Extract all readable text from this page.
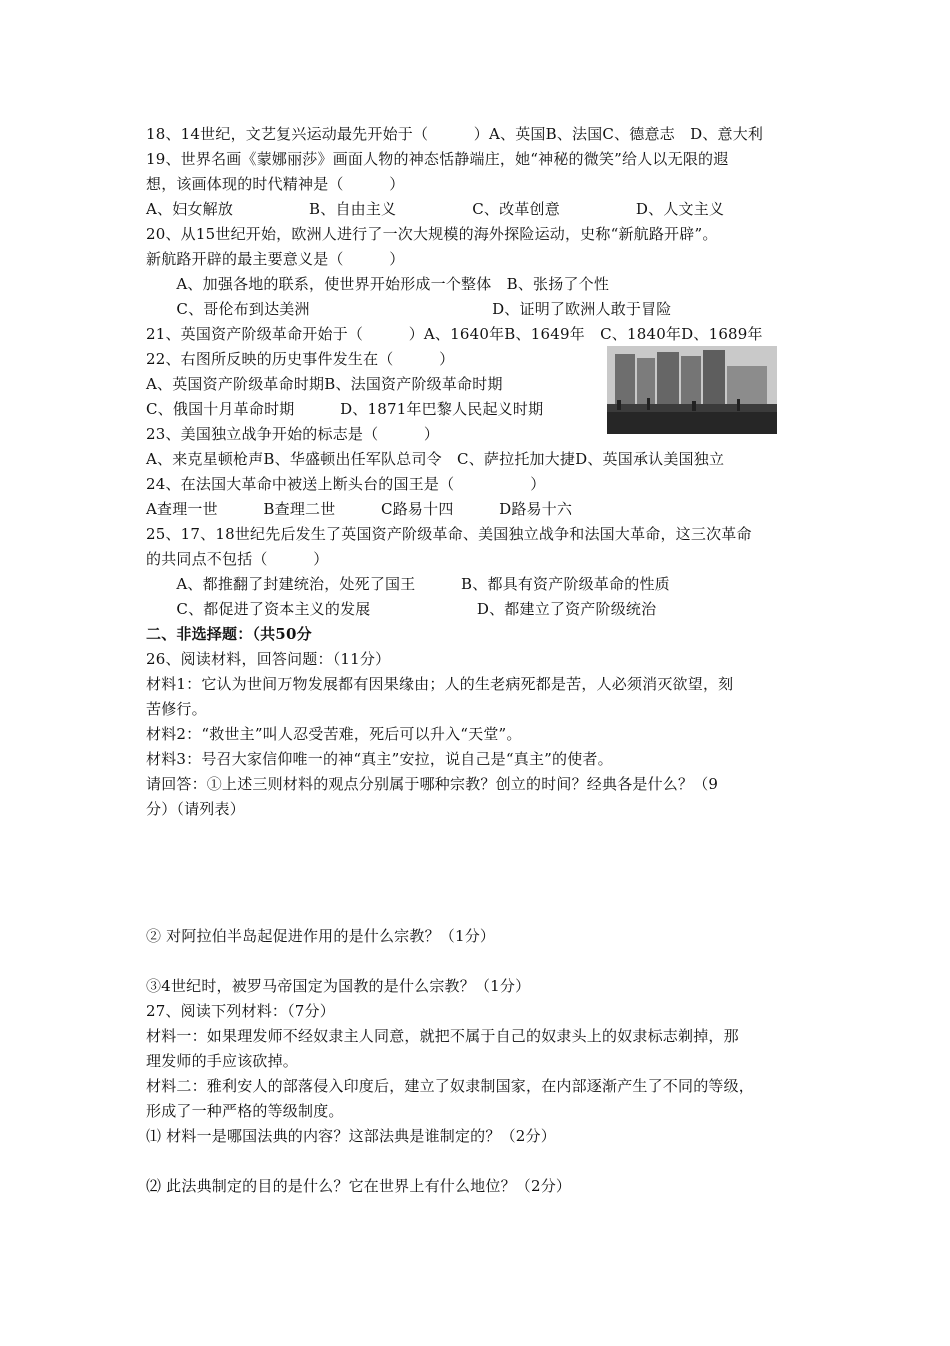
18、14世纪，文艺复兴运动最先开始于（　　　）A、英国B、法国C、德意志　D、意大利
19、世界名画《蒙娜丽莎》画面人物的神态恬静端庄，她“神秘的微笑”给人以无限的遐
想，该画体现的时代精神是（　　　）
A、妇女解放　　　　　B、自由主义　　　　　C、改革创意　　　　　D、人文主义
20、从15世纪开始，欧洲人进行了一次大规模的海外探险运动，史称“新航路开辟”。
新航路开辟的最主要意义是（　　　）
　　A、加强各地的联系，使世界开始形成一个整体　B、张扬了个性
　　C、哥伦布到达美洲　　　　　　　　　　　　D、证明了欧洲人敢于冒险
21、英国资产阶级革命开始于（　　　）A、1640年B、1649年　C、1840年D、1689年
22、右图所反映的历史事件发生在（　　　）
A、英国资产阶级革命时期B、法国资产阶级革命时期
C、俄国十月革命时期　　　D、1871年巴黎人民起义时期
23、美国独立战争开始的标志是（　　　）
A、来克星顿枪声B、华盛顿出任军队总司令　C、萨拉托加大捷D、英国承认美国独立
24、在法国大革命中被送上断头台的国王是（　　　　　）
A查理一世　　　B查理二世　　　C路易十四　　　D路易十六
25、17、18世纪先后发生了英国资产阶级革命、美国独立战争和法国大革命，这三次革命
的共同点不包括（　　　）
　　A、都推翻了封建统治，处死了国王　　　B、都具有资产阶级革命的性质
　　C、都促进了资本主义的发展　　　　　　　D、都建立了资产阶级统治
二、非选择题：（共50分
26、阅读材料，回答问题：（11分）
材料1：它认为世间万物发展都有因果缘由；人的生老病死都是苦，人必须消灭欲望，刻
苦修行。
材料2：“救世主”叫人忍受苦难，死后可以升入“天堂”。
材料3：号召大家信仰唯一的神“真主”安拉，说自己是“真主”的使者。
请回答：①上述三则材料的观点分别属于哪种宗教？创立的时间？经典各是什么？（9
分）（请列表）
② 对阿拉伯半岛起促进作用的是什么宗教？（1分）
③4世纪时，被罗马帝国定为国教的是什么宗教？（1分）
27、阅读下列材料：（7分）
材料一：如果理发师不经奴隶主人同意，就把不属于自己的奴隶头上的奴隶标志剃掉，那
理发师的手应该砍掉。
材料二：雅利安人的部落侵入印度后，建立了奴隶制国家，在内部逐渐产生了不同的等级，
形成了一种严格的等级制度。
⑴ 材料一是哪国法典的内容？这部法典是谁制定的？（2分）
⑵ 此法典制定的目的是什么？它在世界上有什么地位？（2分）
